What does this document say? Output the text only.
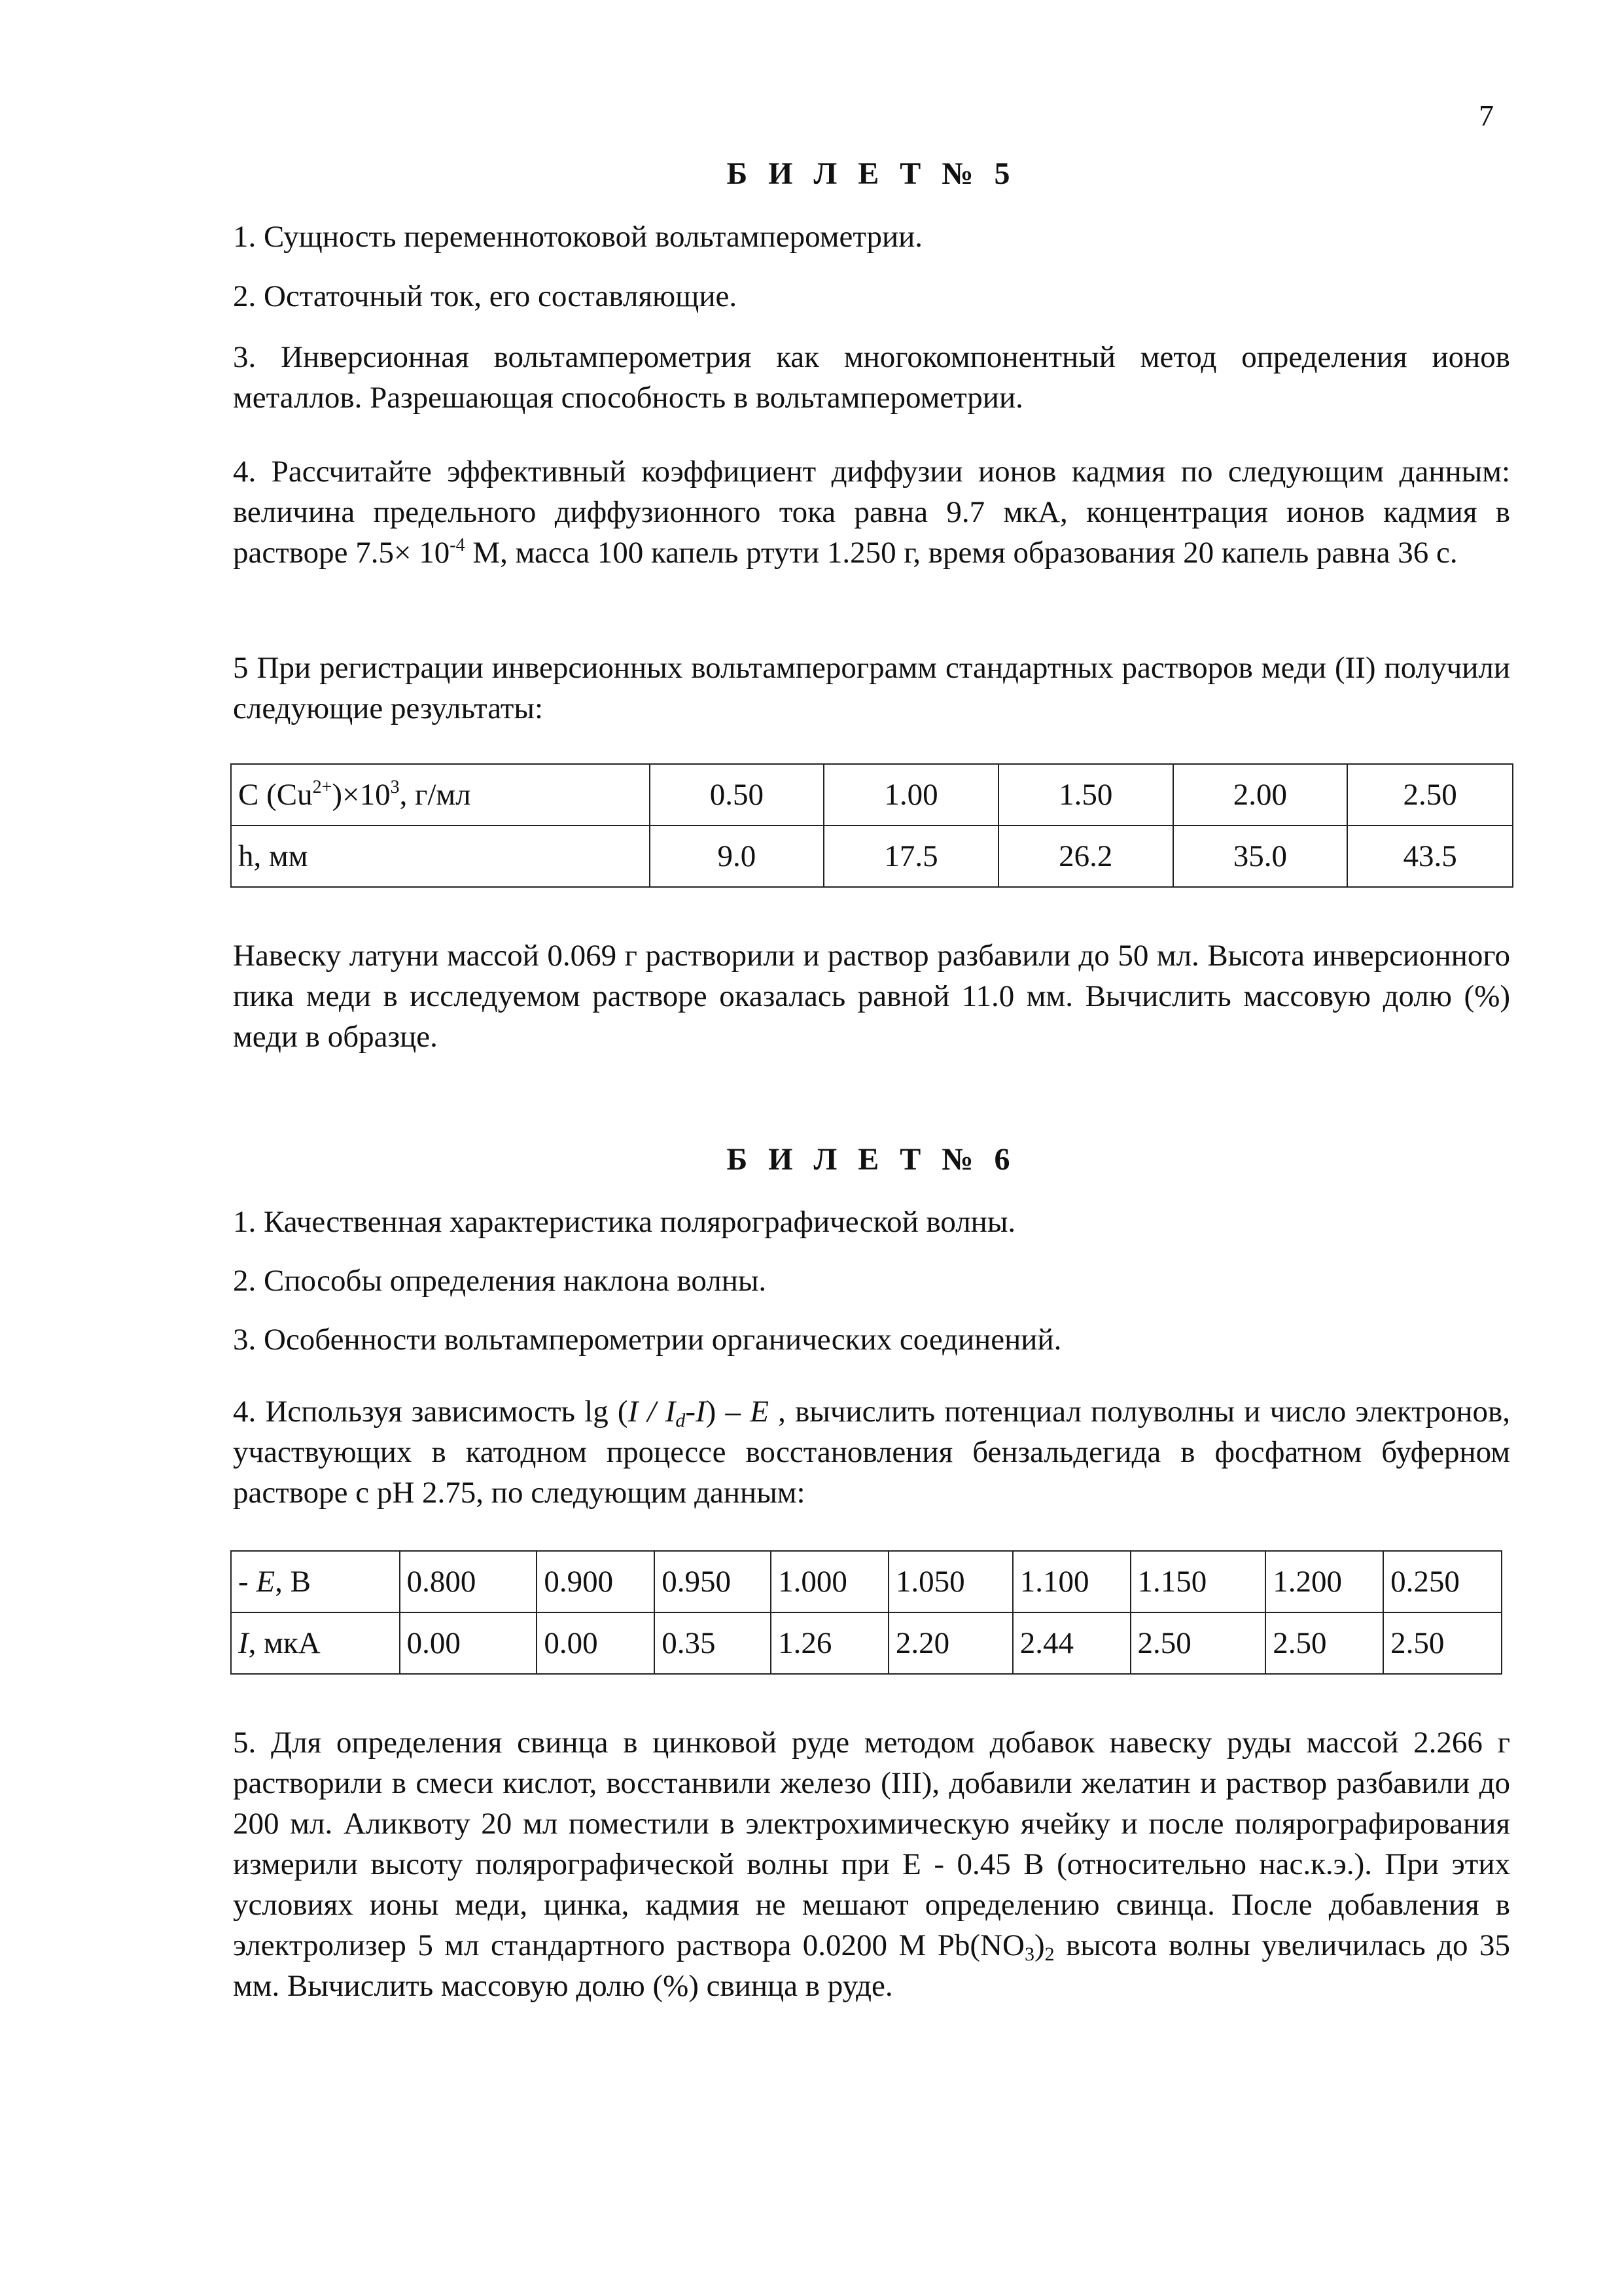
7
Б И Л Е Т № 5

1. Сущность переменнотоковой вольтамперометрии.

2. Остаточный ток, его составляющие.

3. Инверсионная вольтамперометрия как многокомпонентный метод определения ионов металлов. Разрешающая способность в вольтамперометрии.

4. Рассчитайте эффективный коэффициент диффузии ионов кадмия по следующим данным: величина предельного диффузионного тока равна 9.7 мкА, концентрация ионов кадмия в растворе $7.5\times 10^{-4}$ М, масса 100 капель ртути 1.250 г, время образования 20 капель равна 36 с.

5 При регистрации инверсионных вольтамперограмм стандартных растворов меди (II) получили следующие результаты:

С $(Cu^{2+})\times 10^3$, г/мл	0.50	1.00	1.50	2.00	2.50
h, мм	9.0	17.5	26.2	35.0	43.5

Навеску латуни массой 0.069 г растворили и раствор разбавили до 50 мл. Высота инверсионного пика меди в исследуемом растворе оказалась равной 11.0 мм. Вычислить массовую долю (%) меди в образце.

Б И Л Е Т № 6

1. Качественная характеристика полярографической волны.

2. Способы определения наклона волны.

3. Особенности вольтамперометрии органических соединений.

4. Используя зависимость $\lg (I / I_d-I)$ – E , вычислить потенциал полуволны и число электронов, участвующих в катодном процессе восстановления бензальдегида в фосфатном буферном растворе с рН 2.75, по следующим данным:

- E, В	0.800	0.900	0.950	1.000	1.050	1.100	1.150	1.200	0.250
I, мкА	0.00	0.00	0.35	1.26	2.20	2.44	2.50	2.50	2.50

5. Для определения свинца в цинковой руде методом добавок навеску руды массой 2.266 г растворили в смеси кислот, восстанвили железо (III), добавили желатин и раствор разбавили до 200 мл. Аликвоту 20 мл поместили в электрохимическую ячейку и после полярографирования измерили высоту полярографической волны при Е - 0.45 В (относительно нас.к.э.). При этих условиях ионы меди, цинка, кадмия не мешают определению свинца. После добавления в электролизер 5 мл стандартного раствора 0.0200 М $Pb(NO_3)_2$ высота волны увеличилась до 35 мм. Вычислить массовую долю (%) свинца в руде.
